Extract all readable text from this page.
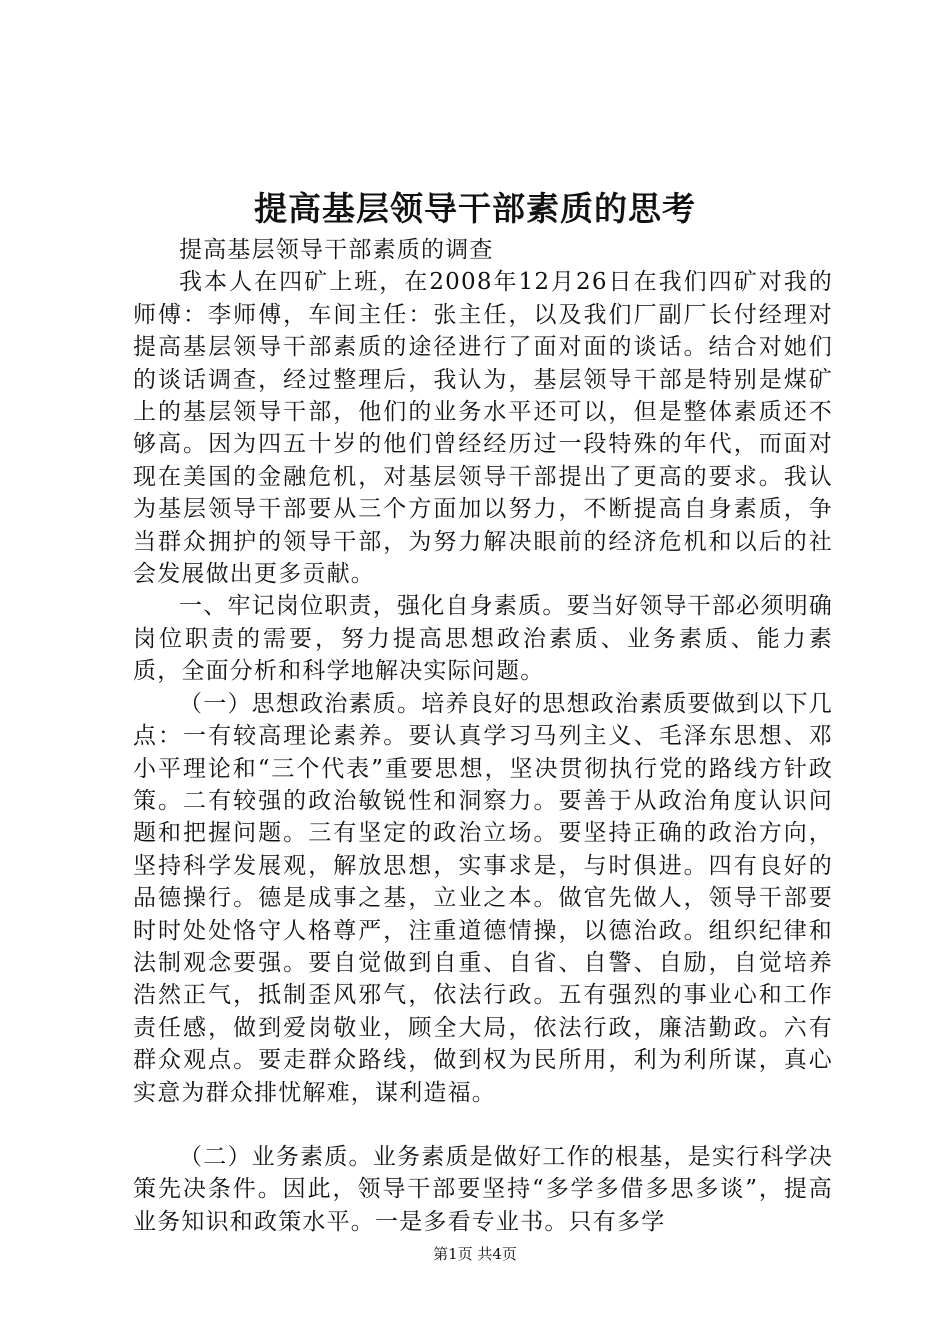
提高基层领导干部素质的思考

提高基层领导干部素质的调查

我本人在四矿上班，在2008年12月26日在我们四矿对我的师傅：李师傅，车间主任：张主任，以及我们厂副厂长付经理对提高基层领导干部素质的途径进行了面对面的谈话。结合对她们的谈话调查，经过整理后，我认为，基层领导干部是特别是煤矿上的基层领导干部，他们的业务水平还可以，但是整体素质还不够高。因为四五十岁的他们曾经经历过一段特殊的年代，而面对现在美国的金融危机，对基层领导干部提出了更高的要求。我认为基层领导干部要从三个方面加以努力，不断提高自身素质，争当群众拥护的领导干部，为努力解决眼前的经济危机和以后的社会发展做出更多贡献。

一、牢记岗位职责，强化自身素质。要当好领导干部必须明确岗位职责的需要，努力提高思想政治素质、业务素质、能力素质，全面分析和科学地解决实际问题。

（一）思想政治素质。培养良好的思想政治素质要做到以下几点：一有较高理论素养。要认真学习马列主义、毛泽东思想、邓小平理论和“三个代表”重要思想，坚决贯彻执行党的路线方针政策。二有较强的政治敏锐性和洞察力。要善于从政治角度认识问题和把握问题。三有坚定的政治立场。要坚持正确的政治方向，坚持科学发展观，解放思想，实事求是，与时俱进。四有良好的品德操行。德是成事之基，立业之本。做官先做人，领导干部要时时处处恪守人格尊严，注重道德情操，以德治政。组织纪律和法制观念要强。要自觉做到自重、自省、自警、自励，自觉培养浩然正气，抵制歪风邪气，依法行政。五有强烈的事业心和工作责任感，做到爱岗敬业，顾全大局，依法行政，廉洁勤政。六有群众观点。要走群众路线，做到权为民所用，利为利所谋，真心实意为群众排忧解难，谋利造福。

（二）业务素质。业务素质是做好工作的根基，是实行科学决策先决条件。因此，领导干部要坚持“多学多借多思多谈”，提高业务知识和政策水平。一是多看专业书。只有多学

第1页 共4页
